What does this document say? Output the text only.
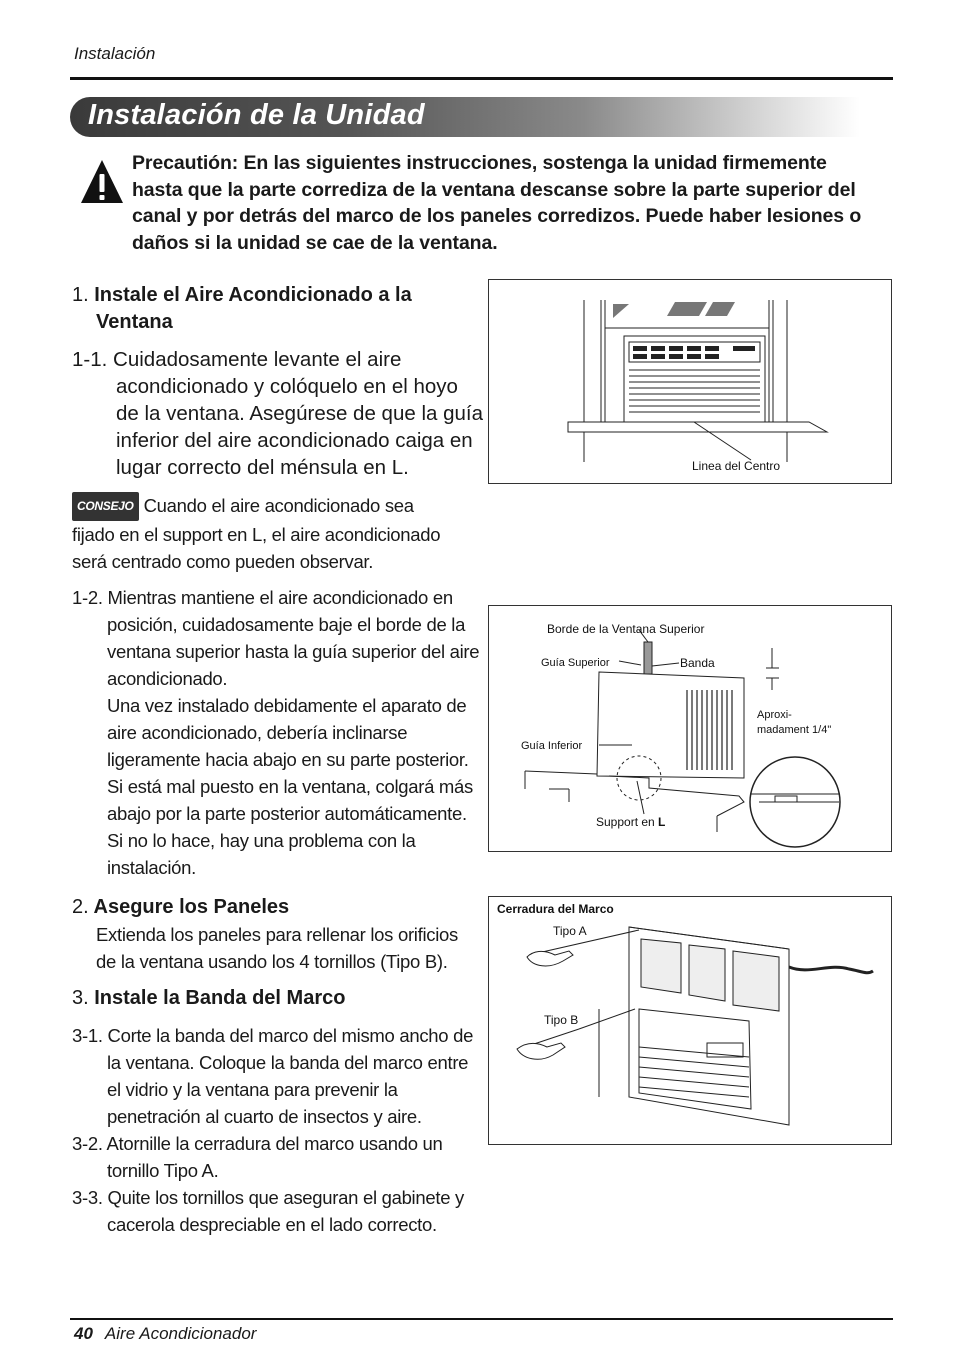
Instalación
Instalación de la Unidad
Precautión: En las siguientes instrucciones, sostenga la unidad firmemente hasta que la parte corrediza de la ventana descanse sobre la parte superior del canal y por detrás del marco de los paneles corredizos. Puede haber lesiones o daños si la unidad se cae de la ventana.
1. Instale el Aire Acondicionado a la Ventana
1-1. Cuidadosamente levante el aire acondicionado y colóquelo en el hoyo de la ventana. Asegúrese de que la guía inferior del aire acondicionado caiga en lugar correcto del ménsula en L.
CONSEJO Cuando el aire acondicionado sea fijado en el support en L, el aire acondicionado será centrado como pueden observar.
1-2. Mientras mantiene el aire acondicionado en posición, cuidadosamente baje el borde de la ventana superior hasta la guía superior del aire acondicionado.
Una vez instalado debidamente el aparato de aire acondicionado, debería inclinarse ligeramente hacia abajo en su parte posterior. Si está mal puesto en la ventana, colgará más abajo por la parte posterior automáticamente. Si no lo hace, hay una problema con la instalación.
2. Asegure los Paneles
Extienda los paneles para rellenar los orificios de la ventana usando los 4 tornillos (Tipo B).
3. Instale la Banda del Marco
3-1. Corte la banda del marco del mismo ancho de la ventana. Coloque la banda del marco entre el vidrio y la ventana para prevenir la penetración al cuarto de insectos y aire.
3-2. Atornille la cerradura del marco usando un tornillo Tipo A.
3-3. Quite los tornillos que aseguran el gabinete y cacerola despreciable en el lado correcto.
Linea del Centro
Borde de la Ventana Superior
Guía Superior	Banda
Aproxi-
madament 1/4"
Guía Inferior
Support en L
Cerradura del Marco
Tipo A
Tipo B
40 Aire Acondicionador
